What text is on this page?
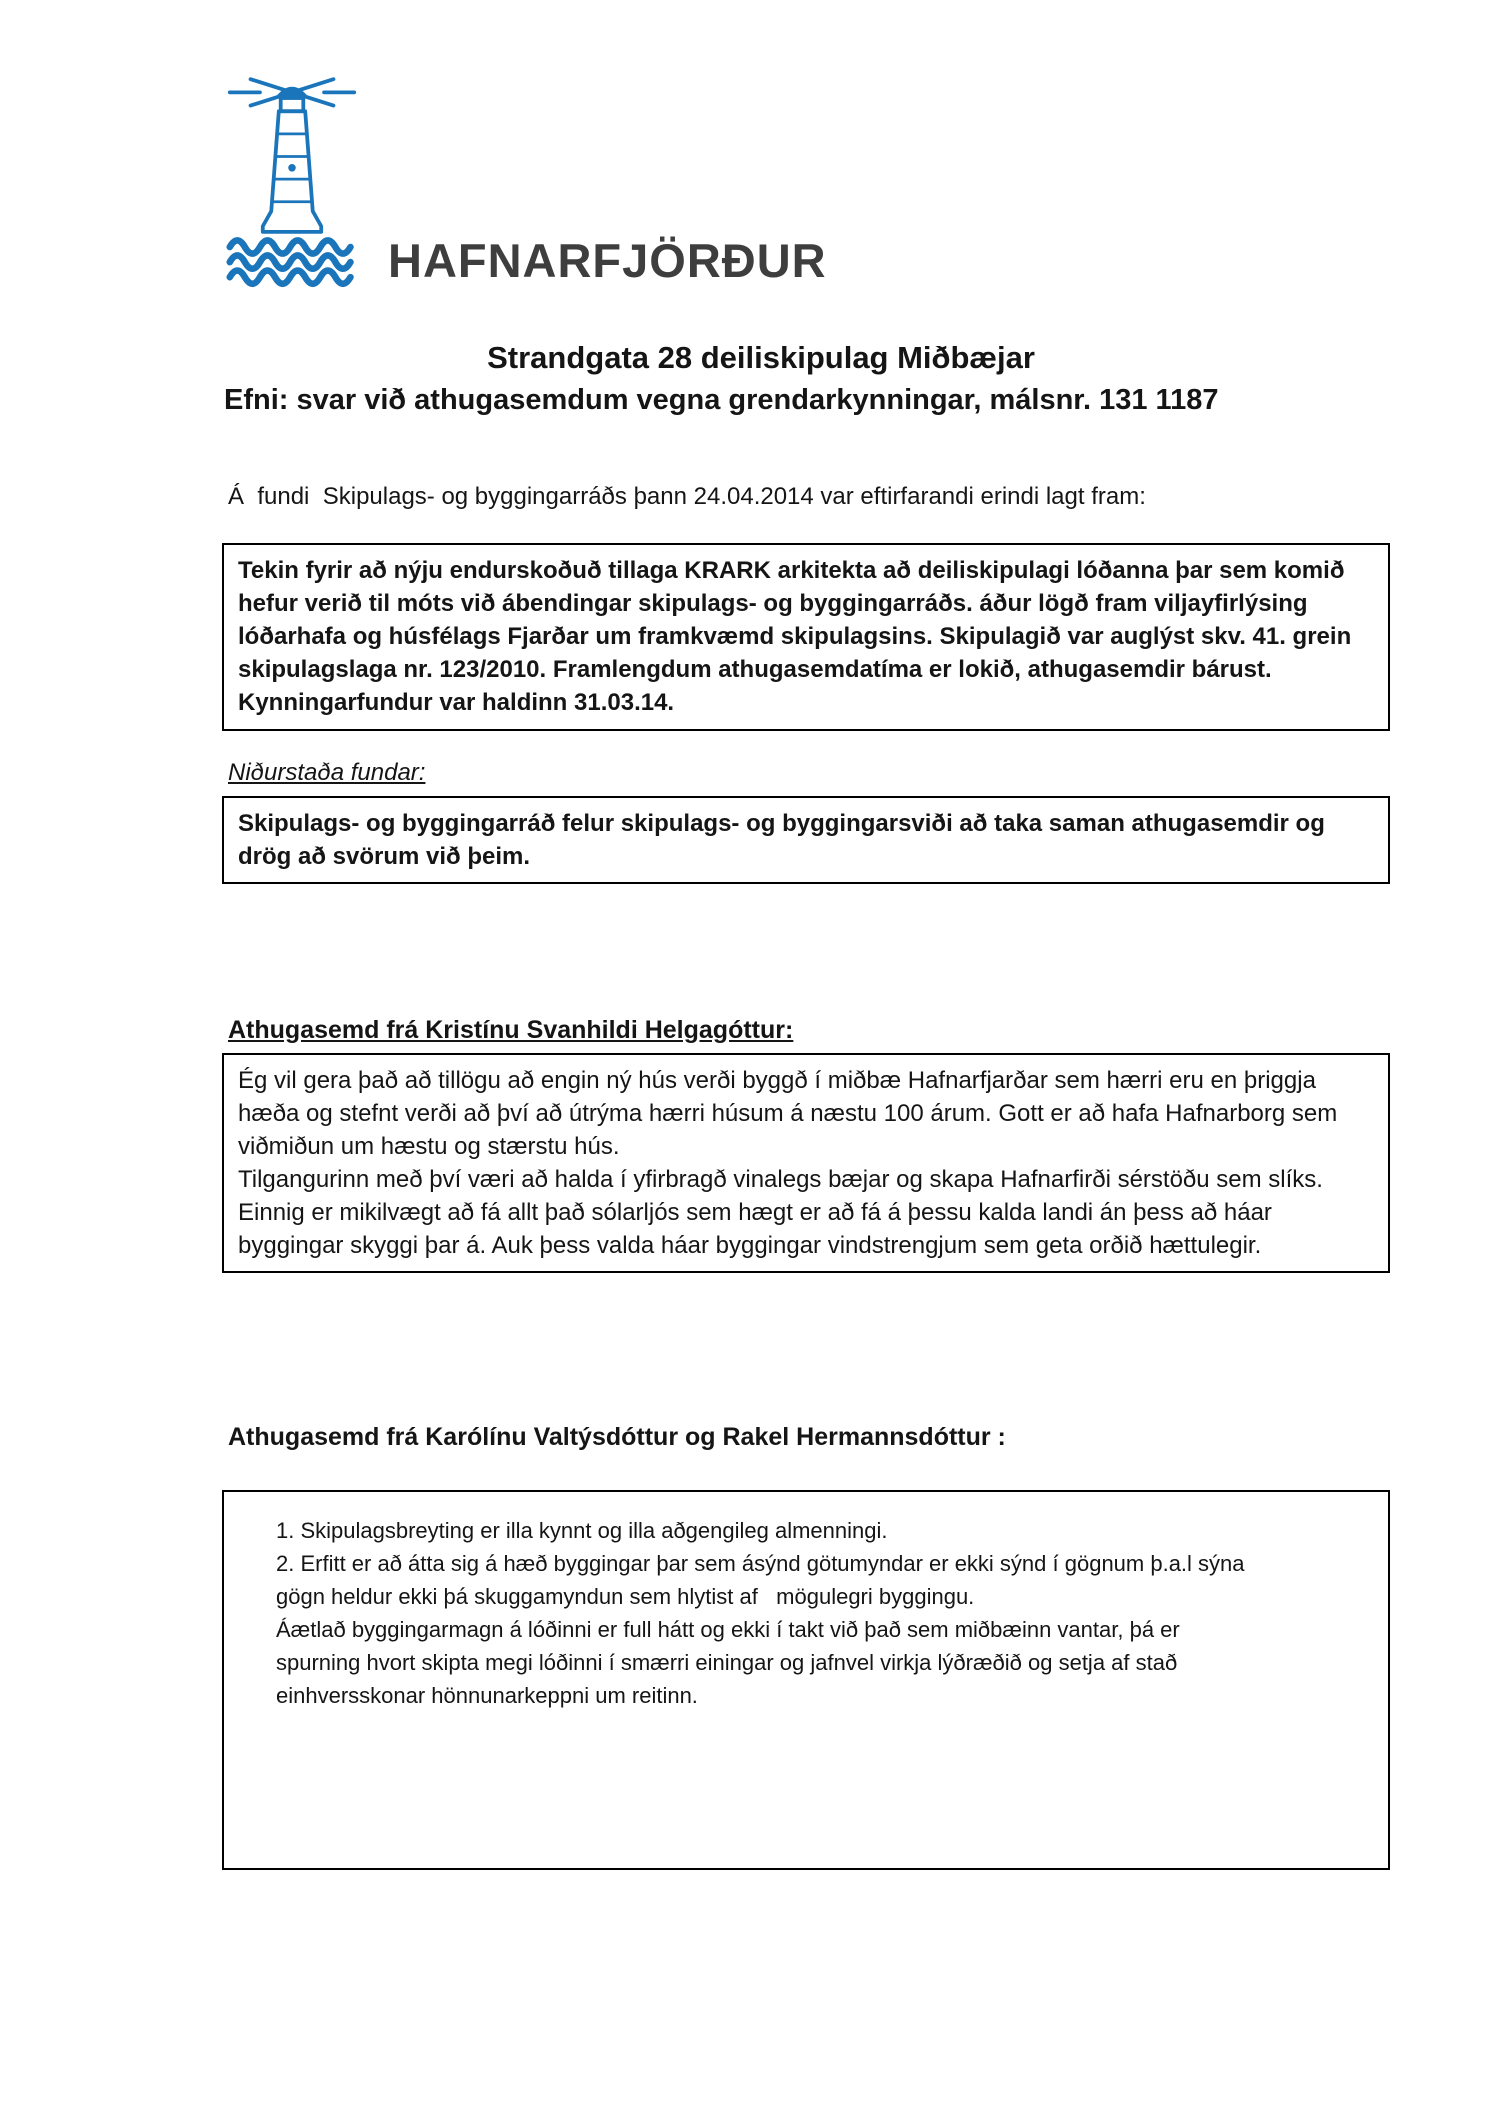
HAFNARFJÖRÐUR
Strandgata 28 deiliskipulag Miðbæjar
Efni: svar við athugasemdum vegna grendarkynningar, málsnr. 131 1187

Á  fundi  Skipulags- og byggingarráðs þann 24.04.2014 var eftirfarandi erindi lagt fram:

Tekin fyrir að nýju endurskoðuð tillaga KRARK arkitekta að deiliskipulagi lóðanna þar sem komið hefur verið til móts við ábendingar skipulags- og byggingarráðs. áður lögð fram viljayfirlýsing lóðarhafa og húsfélags Fjarðar um framkvæmd skipulagsins. Skipulagið var auglýst skv. 41. grein skipulagslaga nr. 123/2010. Framlengdum athugasemdatíma er lokið, athugasemdir bárust. Kynningarfundur var haldinn 31.03.14.

Niðurstaða fundar:

Skipulags- og byggingarráð felur skipulags- og byggingarsviði að taka saman athugasemdir og drög að svörum við þeim.
Athugasemd frá Kristínu Svanhildi Helgagóttur:

Ég vil gera það að tillögu að engin ný hús verði byggð í miðbæ Hafnarfjarðar sem hærri eru en þriggja hæða og stefnt verði að því að útrýma hærri húsum á næstu 100 árum. Gott er að hafa Hafnarborg sem viðmiðun um hæstu og stærstu hús.

Tilgangurinn með því væri að halda í yfirbragð vinalegs bæjar og skapa Hafnarfirði sérstöðu sem slíks. Einnig er mikilvægt að fá allt það sólarljós sem hægt er að fá á þessu kalda landi án þess að háar byggingar skyggi þar á. Auk þess valda háar byggingar vindstrengjum sem geta orðið hættulegir.

Athugasemd frá Karólínu Valtýsdóttur og Rakel Hermannsdóttur :

1. Skipulagsbreyting er illa kynnt og illa aðgengileg almenningi.

2. Erfitt er að átta sig á hæð byggingar þar sem ásýnd götumyndar er ekki sýnd í gögnum þ.a.l sýna gögn heldur ekki þá skuggamyndun sem hlytist af   mögulegri byggingu.

Áætlað byggingarmagn á lóðinni er full hátt og ekki í takt við það sem miðbæinn vantar, þá er spurning hvort skipta megi lóðinni í smærri einingar og jafnvel virkja lýðræðið og setja af stað einhversskonar hönnunarkeppni um reitinn.
